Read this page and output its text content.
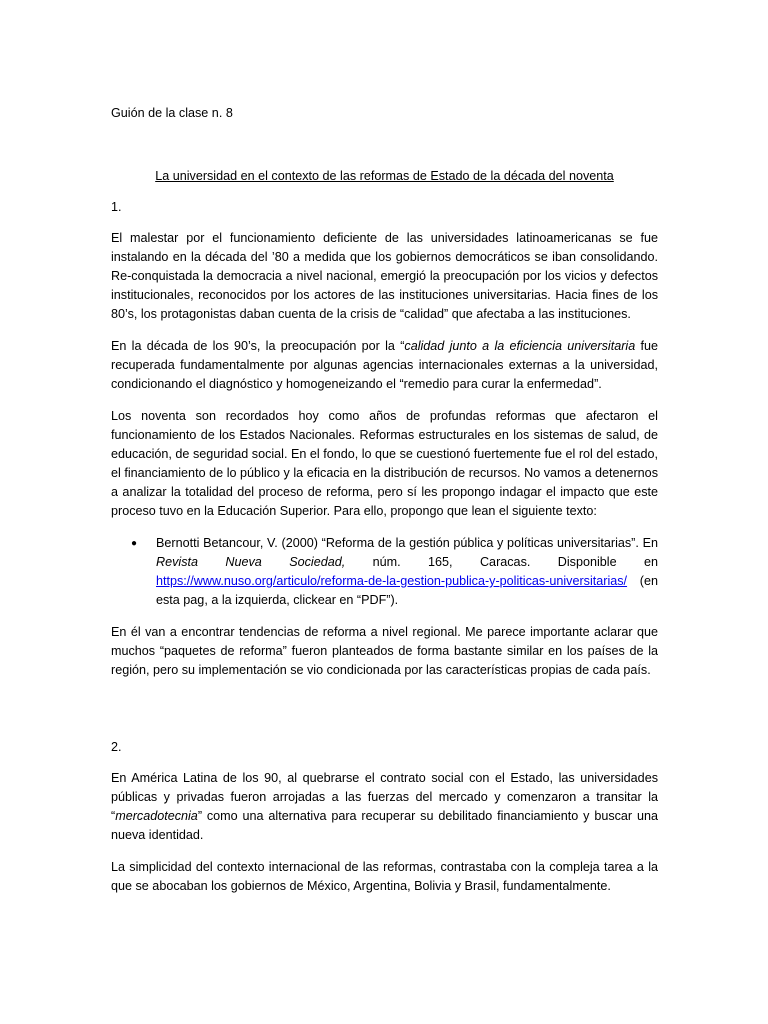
Guión de la clase n. 8

La universidad en el contexto de las reformas de Estado de la década del noventa

1.

El malestar por el funcionamiento deficiente de las universidades latinoamericanas se fue instalando en la década del ’80 a medida que los gobiernos democráticos se iban consolidando. Re-conquistada la democracia a nivel nacional, emergió la preocupación por los vicios y defectos institucionales, reconocidos por los actores de las instituciones universitarias. Hacia fines de los 80’s, los protagonistas daban cuenta de la crisis de “calidad” que afectaba a las instituciones.

En la década de los 90’s, la preocupación por la “calidad junto a la eficiencia universitaria fue recuperada fundamentalmente por algunas agencias internacionales externas a la universidad, condicionando el diagnóstico y homogeneizando el “remedio para curar la enfermedad”.

Los noventa son recordados hoy como años de profundas reformas que afectaron el funcionamiento de los Estados Nacionales. Reformas estructurales en los sistemas de salud, de educación, de seguridad social. En el fondo, lo que se cuestionó fuertemente fue el rol del estado, el financiamiento de lo público y la eficacia en la distribución de recursos. No vamos a detenernos a analizar la totalidad del proceso de reforma, pero sí les propongo indagar el impacto que este proceso tuvo en la Educación Superior. Para ello, propongo que lean el siguiente texto:

● Bernotti Betancour, V. (2000) “Reforma de la gestión pública y políticas universitarias”. En Revista Nueva Sociedad, núm. 165, Caracas. Disponible en https://www.nuso.org/articulo/reforma-de-la-gestion-publica-y-politicas-universitarias/ (en esta pag, a la izquierda, clickear en “PDF”).

En él van a encontrar tendencias de reforma a nivel regional. Me parece importante aclarar que muchos “paquetes de reforma” fueron planteados de forma bastante similar en los países de la región, pero su implementación se vio condicionada por las características propias de cada país.

2.

En América Latina de los 90, al quebrarse el contrato social con el Estado, las universidades públicas y privadas fueron arrojadas a las fuerzas del mercado y comenzaron a transitar la “mercadotecnia” como una alternativa para recuperar su debilitado financiamiento y buscar una nueva identidad.

La simplicidad del contexto internacional de las reformas, contrastaba con la compleja tarea a la que se abocaban los gobiernos de México, Argentina, Bolivia y Brasil, fundamentalmente.
